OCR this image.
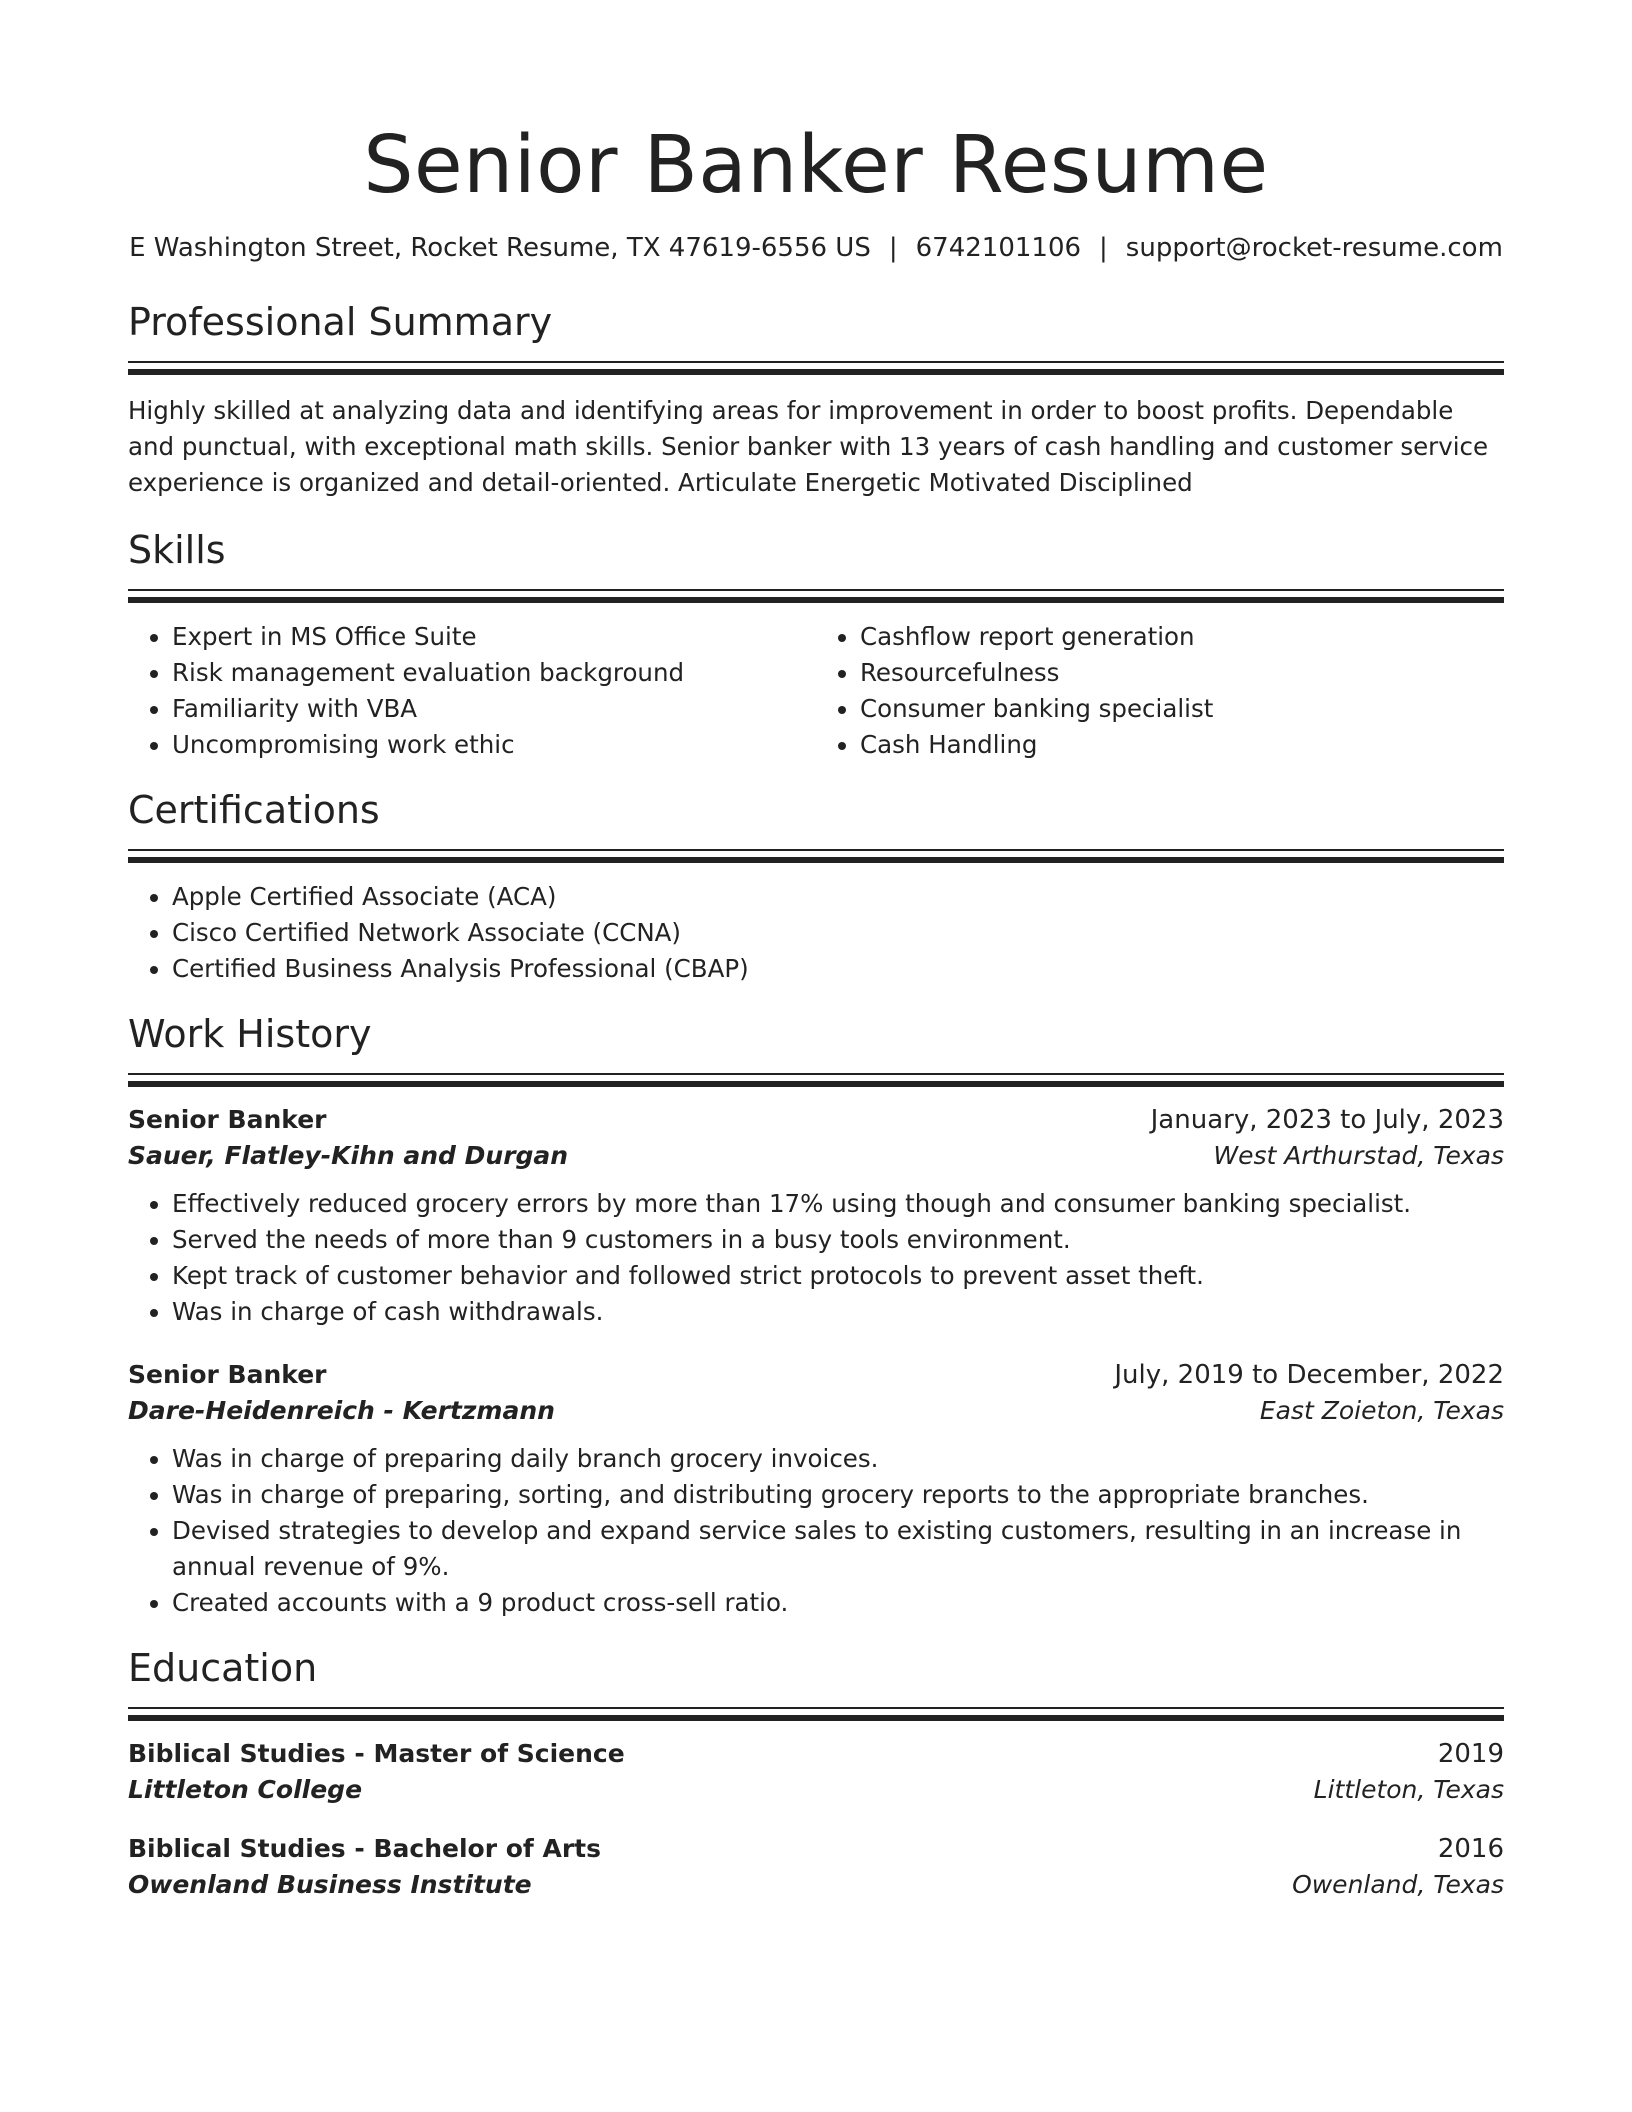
Senior Banker Resume
E Washington Street, Rocket Resume, TX 47619-6556 US | 6742101106 | support@rocket-resume.com
Professional Summary
Highly skilled at analyzing data and identifying areas for improvement in order to boost profits. Dependable and punctual, with exceptional math skills. Senior banker with 13 years of cash handling and customer service experience is organized and detail-oriented. Articulate Energetic Motivated Disciplined
Skills
• Expert in MS Office Suite
• Risk management evaluation background
• Familiarity with VBA
• Uncompromising work ethic
• Cashflow report generation
• Resourcefulness
• Consumer banking specialist
• Cash Handling
Certifications
• Apple Certified Associate (ACA)
• Cisco Certified Network Associate (CCNA)
• Certified Business Analysis Professional (CBAP)
Work History
Senior Banker	January, 2023 to July, 2023
Sauer, Flatley-Kihn and Durgan	West Arthurstad, Texas
• Effectively reduced grocery errors by more than 17% using though and consumer banking specialist.
• Served the needs of more than 9 customers in a busy tools environment.
• Kept track of customer behavior and followed strict protocols to prevent asset theft.
• Was in charge of cash withdrawals.
Senior Banker	July, 2019 to December, 2022
Dare-Heidenreich - Kertzmann	East Zoieton, Texas
• Was in charge of preparing daily branch grocery invoices.
• Was in charge of preparing, sorting, and distributing grocery reports to the appropriate branches.
• Devised strategies to develop and expand service sales to existing customers, resulting in an increase in annual revenue of 9%.
• Created accounts with a 9 product cross-sell ratio.
Education
Biblical Studies - Master of Science	2019
Littleton College	Littleton, Texas
Biblical Studies - Bachelor of Arts	2016
Owenland Business Institute	Owenland, Texas
